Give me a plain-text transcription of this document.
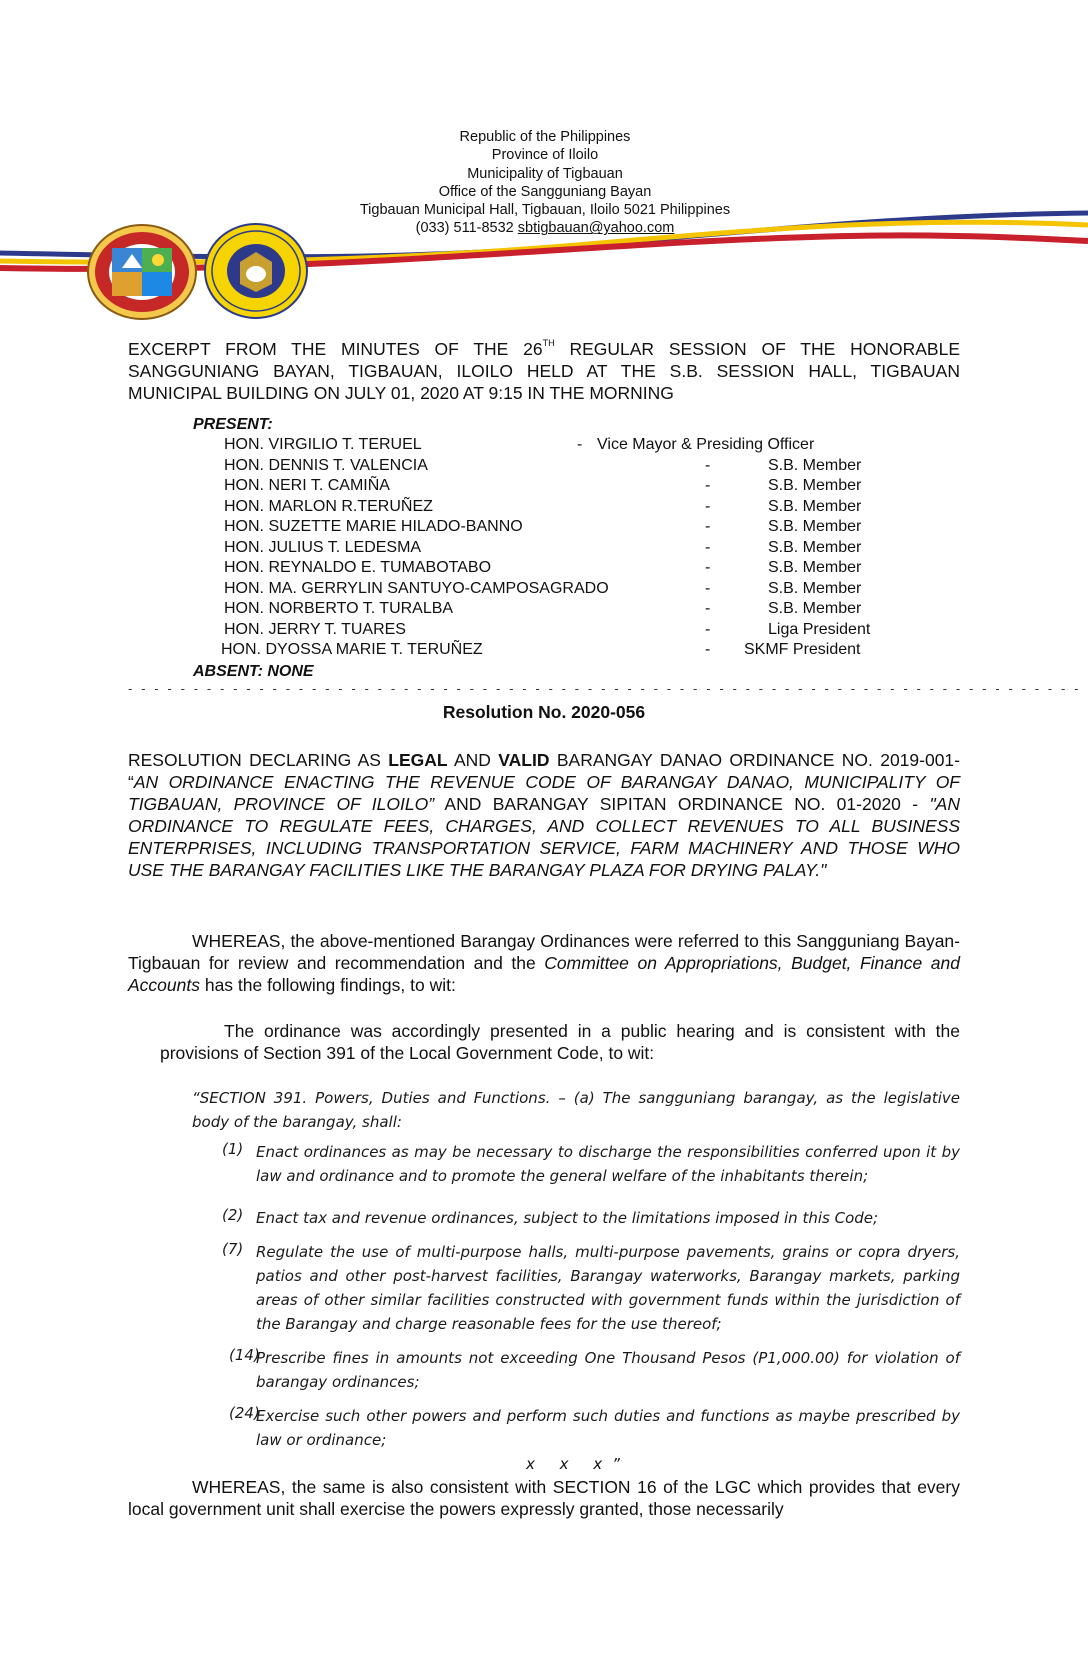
Republic of the Philippines
Province of Iloilo
Municipality of Tigbauan
Office of the Sangguniang Bayan
Tigbauan Municipal Hall, Tigbauan, Iloilo 5021 Philippines
(033) 511-8532 sbtigbauan@yahoo.com
EXCERPT FROM THE MINUTES OF THE 26TH REGULAR SESSION OF THE HONORABLE SANGGUNIANG BAYAN, TIGBAUAN, ILOILO HELD AT THE S.B. SESSION HALL, TIGBAUAN MUNICIPAL BUILDING ON JULY 01, 2020 AT 9:15 IN THE MORNING
PRESENT:
HON. VIRGILIO T. TERUEL	- Vice Mayor & Presiding Officer
HON. DENNIS T. VALENCIA	-	S.B. Member
HON. NERI T. CAMIÑA	-	S.B. Member
HON. MARLON R.TERUÑEZ	-	S.B. Member
HON. SUZETTE MARIE HILADO-BANNO	-	S.B. Member
HON. JULIUS T. LEDESMA	-	S.B. Member
HON. REYNALDO E. TUMABOTABO	-	S.B. Member
HON. MA. GERRYLIN SANTUYO-CAMPOSAGRADO	-	S.B. Member
HON. NORBERTO T. TURALBA	-	S.B. Member
HON. JERRY T. TUARES	-	Liga President
HON. DYOSSA MARIE T. TERUÑEZ	- SKMF President
ABSENT: NONE
- - - - - - - - - - - - - - - - - - - - - - - - - - - - - - - - - - - - - - - - - - - - - - - - - - - - - - - - - - - - - - - - - - - - - - - - -
Resolution No. 2020-056
RESOLUTION DECLARING AS LEGAL AND VALID BARANGAY DANAO ORDINANCE NO. 2019-001- “AN ORDINANCE ENACTING THE REVENUE CODE OF BARANGAY DANAO, MUNICIPALITY OF TIGBAUAN, PROVINCE OF ILOILO” AND BARANGAY SIPITAN ORDINANCE NO. 01-2020 - "AN ORDINANCE TO REGULATE FEES, CHARGES, AND COLLECT REVENUES TO ALL BUSINESS ENTERPRISES, INCLUDING TRANSPORTATION SERVICE, FARM MACHINERY AND THOSE WHO USE THE BARANGAY FACILITIES LIKE THE BARANGAY PLAZA FOR DRYING PALAY."
WHEREAS, the above-mentioned Barangay Ordinances were referred to this Sangguniang Bayan-Tigbauan for review and recommendation and the Committee on Appropriations, Budget, Finance and Accounts has the following findings, to wit:
The ordinance was accordingly presented in a public hearing and is consistent with the provisions of Section 391 of the Local Government Code, to wit:
“SECTION 391. Powers, Duties and Functions. – (a) The sangguniang barangay, as the legislative body of the barangay, shall:
(1) Enact ordinances as may be necessary to discharge the responsibilities conferred upon it by law and ordinance and to promote the general welfare of the inhabitants therein;
(2) Enact tax and revenue ordinances, subject to the limitations imposed in this Code;
(7) Regulate the use of multi-purpose halls, multi-purpose pavements, grains or copra dryers, patios and other post-harvest facilities, Barangay waterworks, Barangay markets, parking areas of other similar facilities constructed with government funds within the jurisdiction of the Barangay and charge reasonable fees for the use thereof;
(14)
Prescribe fines in amounts not exceeding One Thousand Pesos (P1,000.00) for violation of barangay ordinances;
(24)
Exercise such other powers and perform such duties and functions as maybe prescribed by law or ordinance;
x x x”
WHEREAS, the same is also consistent with SECTION 16 of the LGC which provides that every local government unit shall exercise the powers expressly granted, those necessarily
